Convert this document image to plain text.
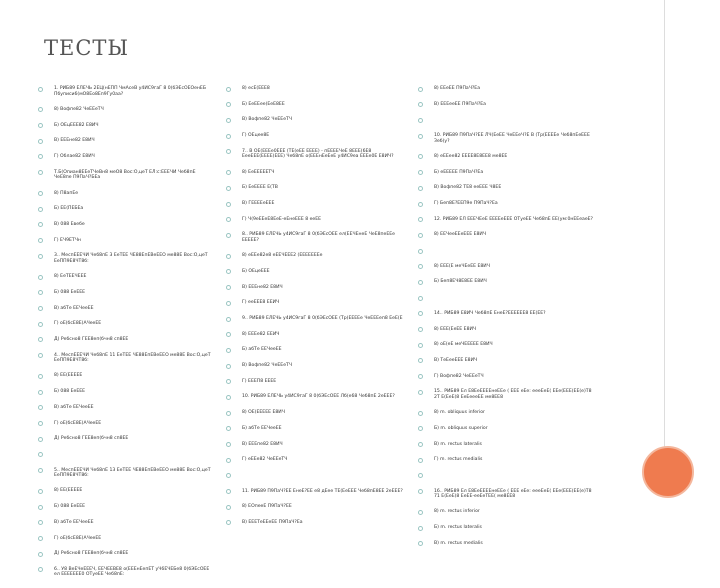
ТЕСТЫ
1. РИБ89 ЕЛЕЧЬ 2ЕЦ(нЕПП ЧмАсеВ у4ИС9гаГ 8 0(бЭЕсОЕОенЕБ Пбуписи6(мО8Ео8Еп9Гу0аа?
8) Вофпе82 ЧеЕЕеТЧ
Б) ОЕцЕЕЕ82 Е8ИЧ
В) ЕЕЕне82 Е8ИЧ
Г) Облае82 Е8ИЧ
Т.Б(Опиан8ЕЕеТЧеВн8 меО8 Вос:О,цеТ ЕЛ:с:ЕЕЕЧИ Чеб8пЕ ЧеЕ8пе П9ПаЧ?БЕа
8) П8апЕе
Б) ЕЕ(ПЕБЕа
В) 088 Евебе
Г) ЕЧ9ЕТЧн
3.. МеспЕЕЕЧИ Чеб8пЕ 3 ЕеТЕЕ ЧЕ88ЕпЕВеЕЕО ме88Е Вос:О,цеТ ЕеПП9Е8ЧТ8б:
8) ЕеТЕЕЧЕЕЕ
Б) 088 ЕеЕЕЕ
В) абТе ЕЕЧееЕЕ
Г) оЕ(бсЕ8Е(АЧееЕЕ
Д) Ребсно8 ГЕЕ8еп(бчн8 сп8ЕЕ
4.. МеспЕЕЕЧИ Чеб8пЕ 11 ЕеТЕЕ ЧЕ88ЕпЕВеЕЕО ме88Е Вос:О,цеТ ЕеПП9Е8ЧТ8б:
8) ЕЕ(ЕЕЕЕЕ
Б) 088 ЕеЕЕЕ
В) абТе ЕЕЧееЕЕ
Г) оЕ(бсЕ8Е(АЧееЕЕ
Д) Ребсно8 ГЕЕ8еп(бчн8 сп8ЕЕ
5.. МеспЕЕЕЧИ Чеб8пЕ 13 ЕеТЕЕ ЧЕ88ЕпЕВеЕЕО ме88Е Вос:О,цеТ ЕеПП9Е8ЧТ8б:
8) ЕЕ(ЕЕЕЕЕ
Б) 088 ЕеЕЕЕ
В) абТе ЕЕЧееЕЕ
Г) оЕ(бсЕ8Е(АЧееЕЕ
Д) Ребсно8 ГЕЕ8еп(бчн8 сп8ЕЕ
6.. У8 ВеЕЧеЕЕЕЧ, ЕЕЧЕЕВЕ8 о(ЕЕЕнЕепЕТ уЧ6ЕЧЕБе8 0(бЭЕсОЕЕ ел ЕЕЕЕЕЕЕ0 ОТуеЕЕ Чеб8пЕ:
8) есЕ(ЕЕЕ8
Б) ЕеЕЕее(ЕеЕ8ЕЕ
В) Вофпе82 ЧеЕЕеТЧ
Г) ОЕцее8Е
7.. В ОЕ(ЕЕЕе0ЕЕЕ (ТЕ(еЕЕ ЕЕЕЕ) - пЕЕЕЕЧеЕ 8ЕЕЕ(6Е8 ЕееЕЕЕ(ЕЕЕЕ(ЕЕЕ) Чеб8пЕ о(ЕЕЕнЕеЕеЕ у4ИС9еа ЕЕЕе0Е Е8ИЧ?
8) ЕеЕЕЕЕЕТЧ
Б) ЕеЕЕЕЕ Е(ТВ
В) ГЕЕЕЕеЕЕЕ
Г) Ч(9еЕЕеЕ8ЕеЕ-еЕнеЕЕЕ 8 ееЕЕ
8.. РИБ89 ЕЛЕЧЬ у4ИС9гаГ 8 0(бЭЕсОЕЕ ел(ЕЕЧЕнеЕ ЧеЕ8пеЕЕе ЕЕЕЕЕ?
8) еЕЕе82е8 еЕЕЧЕЕЕ2 (ЕЕЕЕЕЕЕе
Б) ОЕцеЕЕЕ
В) ЕЕЕне82 Е8ИЧ
Г) ееЕЕЕ8 ЕЕИЧ
9.. РИБ89 ЕЛЕЧЬ у4ИС9гаГ 8 0(бЭЕсОЕЕ (Тр(ЕЕЕЕе ЧеЕЕЕеп8 ЕеЕ(Е
8) ЕЕЕе82 ЕЕИЧ
Б) абТе ЕЕЧееЕЕ
В) Вофпе82 ЧеЕЕеТЧ
Г) ЕЕЕП8 ЕЕЕЕ
10. РИБ89 ЕЛЕЧЬ у4ИС9гаГ 8 0(бЭЕсОЕЕ Лб(е68 Чеб8пЕ 2еЕЕЕ?
8) ОЕ(ЕЕЕЕЕ Е8ИЧ
Б) абТе ЕЕЧееЕЕ
В) ЕЕЕпе82 Е8ИЧ
Г) еЕЕе82 ЧеЕЕеТЧ
11. РИБ89 П9ПаЧ?ЕЕ ЕнеЕ?ЕЕ е8 дЕее ТЕ(ЕеЕЕЕ Чеб8пЕ8ЕЕ 2еЕЕЕ?
8) ЕОпееЕ П9ПаЧ?ЕЕ
В) ЕЕЕТеЕЕеЕЕ П9ПаЧ?Еа
8) ЕЕеЕЕ П9ПаЧ?Еа
В) ЕЕЕееЕЕ П9ПаЧ?Еа
10. РИБ89 П9ПаЧ?ЕЕ ЛЧ(ЕеЕЕ ЧеЕЕеЧ?Е В (Тр(ЕЕЕЕе Чеб8пЕеЕЕЕ Зеб(у?
8) еЕЕее82 ЕЕЕЕ8Е8ЕЕ8 ме8ЕЕ
Б) еЕЕЕЕЕ П9ПаЧ?Еа
В) Вофпе82 ТЕ8 ееЕЕЕ Ч8ЕЕ
Г) Беп8Е?ЕЕП9е П9ПаЧ?Еа
12. РИБ89 ЕЛ ЕЕЕЧЕеЕ ЕЕЕЕеЕЕЕ ОТуеЕЕ Чеб8пЕ ЕЕ(ум:0нЕЕеаеЕ?
8) ЕЕЧееЕЕеЕЕЕ Е8ИЧ
8) ЕЕЕ(Е меЧЕеЕЕ Е8ИЧ
Б) Беп8ЕЧ8Е8ЕЕ Е8ИЧ
14.. РИБ89 Е8ИЧ Чеб8пЕ ЕнеЕ?ЕЕЕЕЕЕ8 ЕЕ(ЕЕ?
8) ЕЕЕ(ЕеЕЕ Е8ИЧ
8) оЕ(еЕ меЧЕЕЕЕЕ Е8ИЧ
В) ТеЕееЕЕЕ Е8ИЧ
Г) Вофпе82 ЧеЕЕеТЧ
15.. РИБ89 Ел Е8ЕеЕЕЕЕнеЕЕе ( ЕЕЕ еЕе: еееЕеЕ( ЕЕе(ЕЕЕ(ЕЕ(е)Т8 2Т Е(ЕеЕ(8 ЕеЕеееЕЕ ме8ЕЕ8
8) m. obliquus inferior
Б) m. obliquus superior
В) m. rectus lateralis
Г) m. rectus medialis
16.. РИБ89 Ел Е8ЕеЕЕЕЕнеЕЕе ( ЕЕЕ еЕе: еееЕеЕ( ЕЕе(ЕЕЕ(ЕЕ(е)Т8 71 Е(ЕеЕ(8 ЕеЕЕ-ееЕеТЕЕ( ме8ЕЕ8
8) m. rectus inferior
Б) m. rectus lateralis
В) m. rectus medialis
